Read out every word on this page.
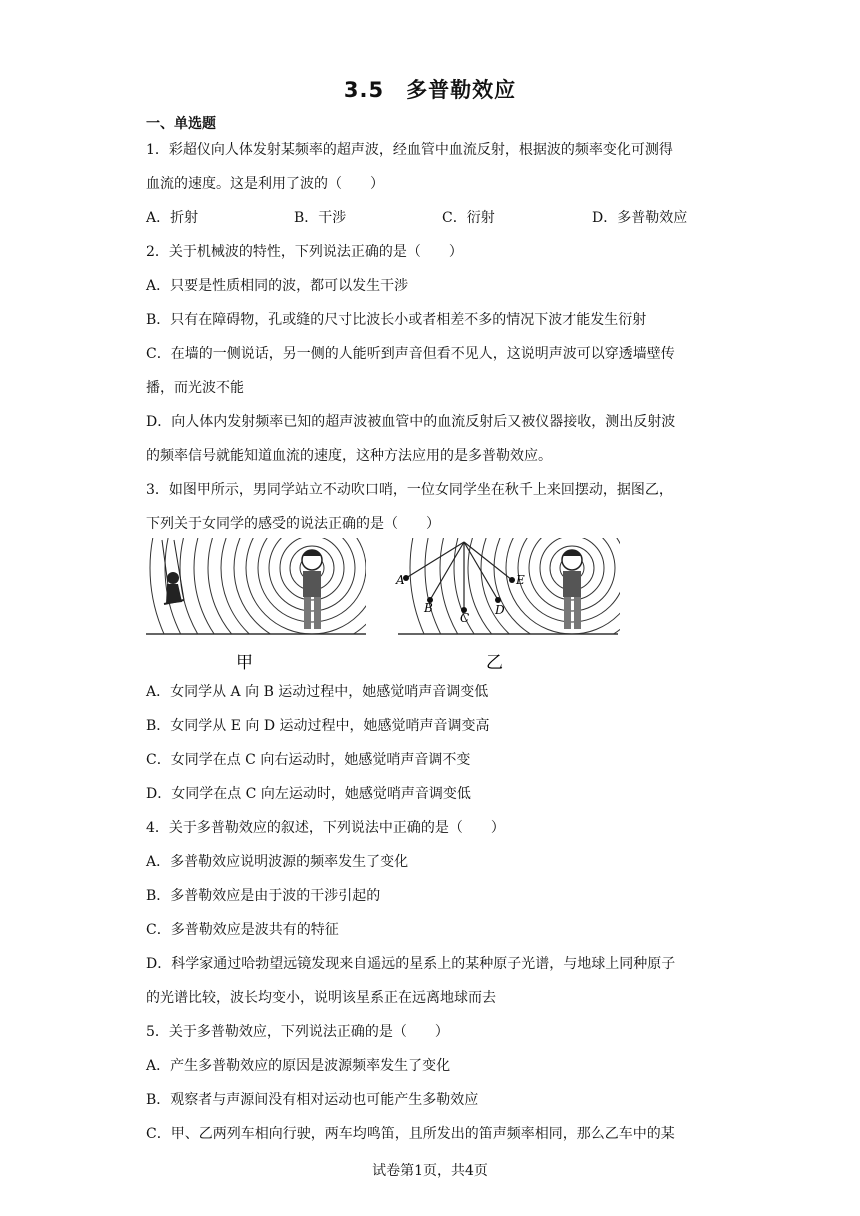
3.5　多普勒效应
一、单选题
1．彩超仪向人体发射某频率的超声波，经血管中血流反射，根据波的频率变化可测得
血流的速度。这是利用了波的（　　）
A．折射	B．干涉	C．衍射	D．多普勒效应
2．关于机械波的特性，下列说法正确的是（　　）
A．只要是性质相同的波，都可以发生干涉
B．只有在障碍物，孔或缝的尺寸比波长小或者相差不多的情况下波才能发生衍射
C．在墙的一侧说话，另一侧的人能听到声音但看不见人，这说明声波可以穿透墙壁传
播，而光波不能
D．向人体内发射频率已知的超声波被血管中的血流反射后又被仪器接收，测出反射波
的频率信号就能知道血流的速度，这种方法应用的是多普勒效应。
3．如图甲所示，男同学站立不动吹口哨，一位女同学坐在秋千上来回摆动，据图乙，
下列关于女同学的感受的说法正确的是（　　）
甲
A
B
C
D
E
乙
A．女同学从 A 向 B 运动过程中，她感觉哨声音调变低
B．女同学从 E 向 D 运动过程中，她感觉哨声音调变高
C．女同学在点 C 向右运动时，她感觉哨声音调不变
D．女同学在点 C 向左运动时，她感觉哨声音调变低
4．关于多普勒效应的叙述，下列说法中正确的是（　　）
A．多普勒效应说明波源的频率发生了变化
B．多普勒效应是由于波的干涉引起的
C．多普勒效应是波共有的特征
D．科学家通过哈勃望远镜发现来自遥远的星系上的某种原子光谱，与地球上同种原子
的光谱比较，波长均变小，说明该星系正在远离地球而去
5．关于多普勒效应，下列说法正确的是（　　）
A．产生多普勒效应的原因是波源频率发生了变化
B．观察者与声源间没有相对运动也可能产生多勒效应
C．甲、乙两列车相向行驶，两车均鸣笛，且所发出的笛声频率相同，那么乙车中的某
试卷第1页，共4页
